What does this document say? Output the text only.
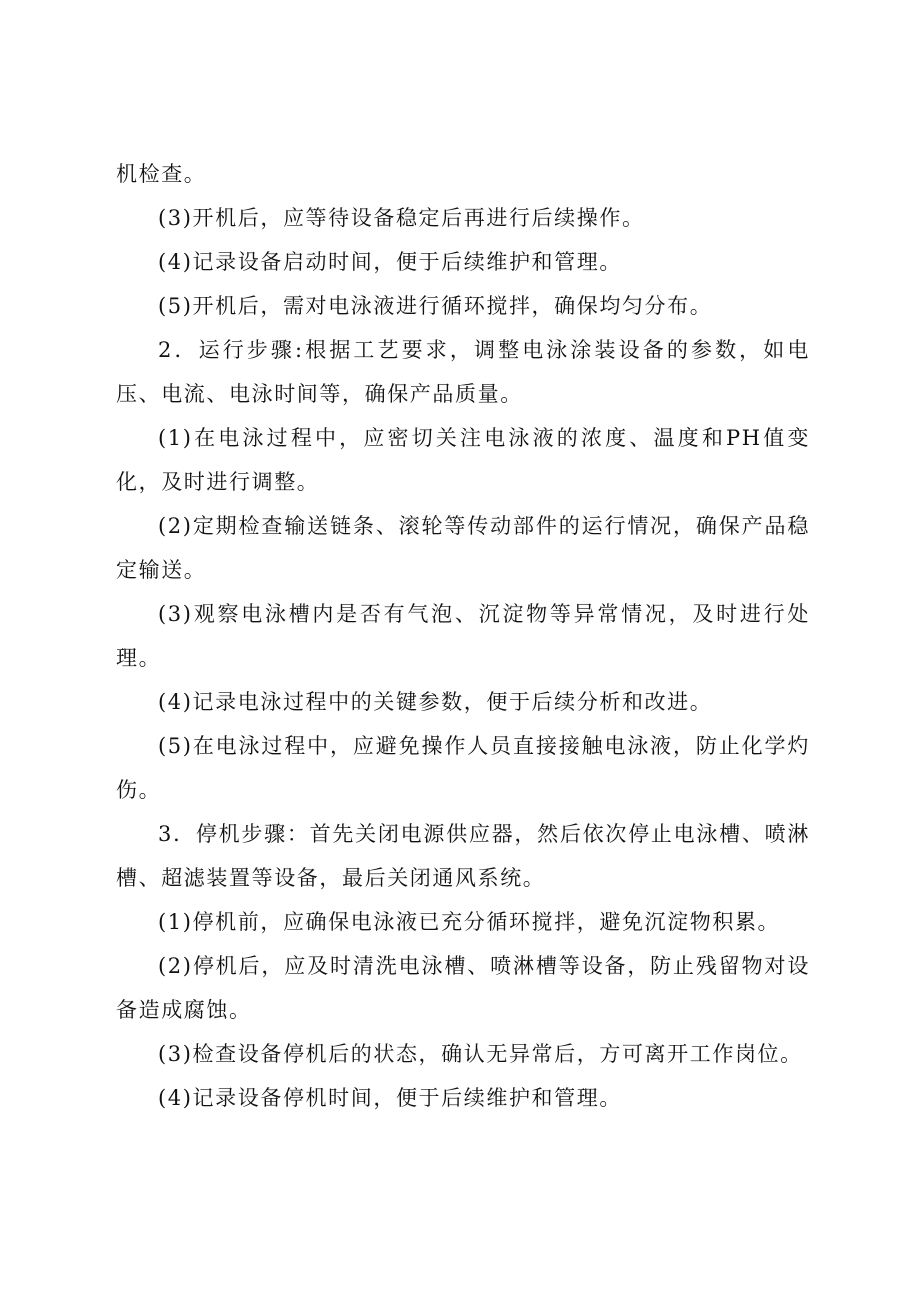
机检查。

(3)开机后，应等待设备稳定后再进行后续操作。

(4)记录设备启动时间，便于后续维护和管理。

(5)开机后，需对电泳液进行循环搅拌，确保均匀分布。

2．运行步骤:根据工艺要求，调整电泳涂装设备的参数，如电压、电流、电泳时间等，确保产品质量。

(1)在电泳过程中，应密切关注电泳液的浓度、温度和PH值变化，及时进行调整。

(2)定期检查输送链条、滚轮等传动部件的运行情况，确保产品稳定输送。

(3)观察电泳槽内是否有气泡、沉淀物等异常情况，及时进行处理。

(4)记录电泳过程中的关键参数，便于后续分析和改进。

(5)在电泳过程中，应避免操作人员直接接触电泳液，防止化学灼伤。

3．停机步骤：首先关闭电源供应器，然后依次停止电泳槽、喷淋槽、超滤装置等设备，最后关闭通风系统。

(1)停机前，应确保电泳液已充分循环搅拌，避免沉淀物积累。

(2)停机后，应及时清洗电泳槽、喷淋槽等设备，防止残留物对设备造成腐蚀。

(3)检查设备停机后的状态，确认无异常后，方可离开工作岗位。

(4)记录设备停机时间，便于后续维护和管理。
